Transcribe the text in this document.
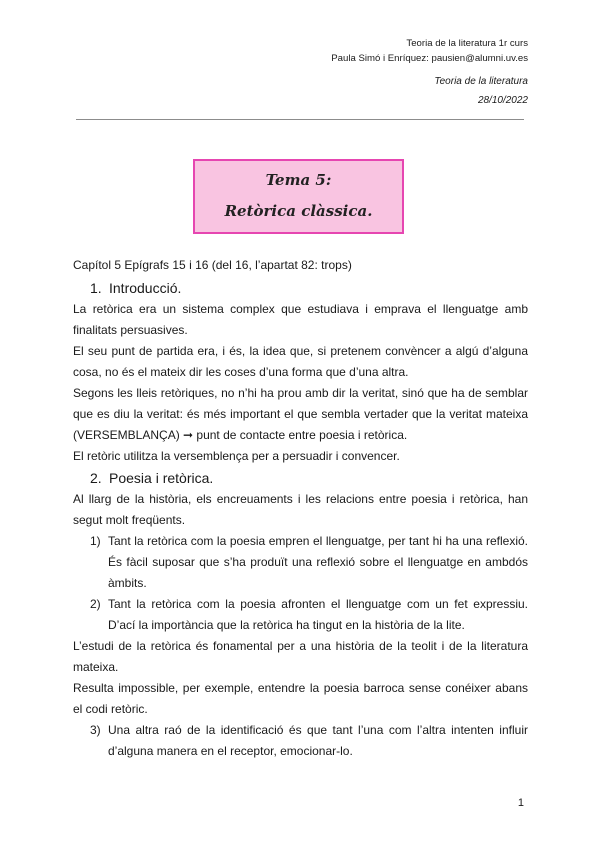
Teoria de la literatura 1r curs
Paula Simó i Enríquez: pausien@alumni.uv.es
Teoria de la literatura
28/10/2022
Tema 5:
Retòrica clàssica.

Capítol 5 Epígrafs 15 i 16 (del 16, l’apartat 82: trops)

1. Introducció.

La retòrica era un sistema complex que estudiava i emprava el llenguatge amb finalitats persuasives.

El seu punt de partida era, i és, la idea que, si pretenem convèncer a algú d’alguna cosa, no és el mateix dir les coses d’una forma que d’una altra.

Segons les lleis retòriques, no n’hi ha prou amb dir la veritat, sinó que ha de semblar que es diu la veritat: és més important el que sembla vertader que la veritat mateixa (VERSEMBLANÇA) ➞ punt de contacte entre poesia i retòrica.

El retòric utilitza la versemblença per a persuadir i convencer.

2. Poesia i retòrica.

Al llarg de la història, els encreuaments i les relacions entre poesia i retòrica, han segut molt freqüents.

1) Tant la retòrica com la poesia empren el llenguatge, per tant hi ha una reflexió. És fàcil suposar que s’ha produït una reflexió sobre el llenguatge en ambdós àmbits.
2) Tant la retòrica com la poesia afronten el llenguatge com un fet expressiu. D’ací la importància que la retòrica ha tingut en la història de la lite.

L’estudi de la retòrica és fonamental per a una història de la teolit i de la literatura mateixa.

Resulta impossible, per exemple, entendre la poesia barroca sense conéixer abans el codi retòric.

3) Una altra raó de la identificació és que tant l’una com l’altra intenten influir d’alguna manera en el receptor, emocionar-lo.
1
